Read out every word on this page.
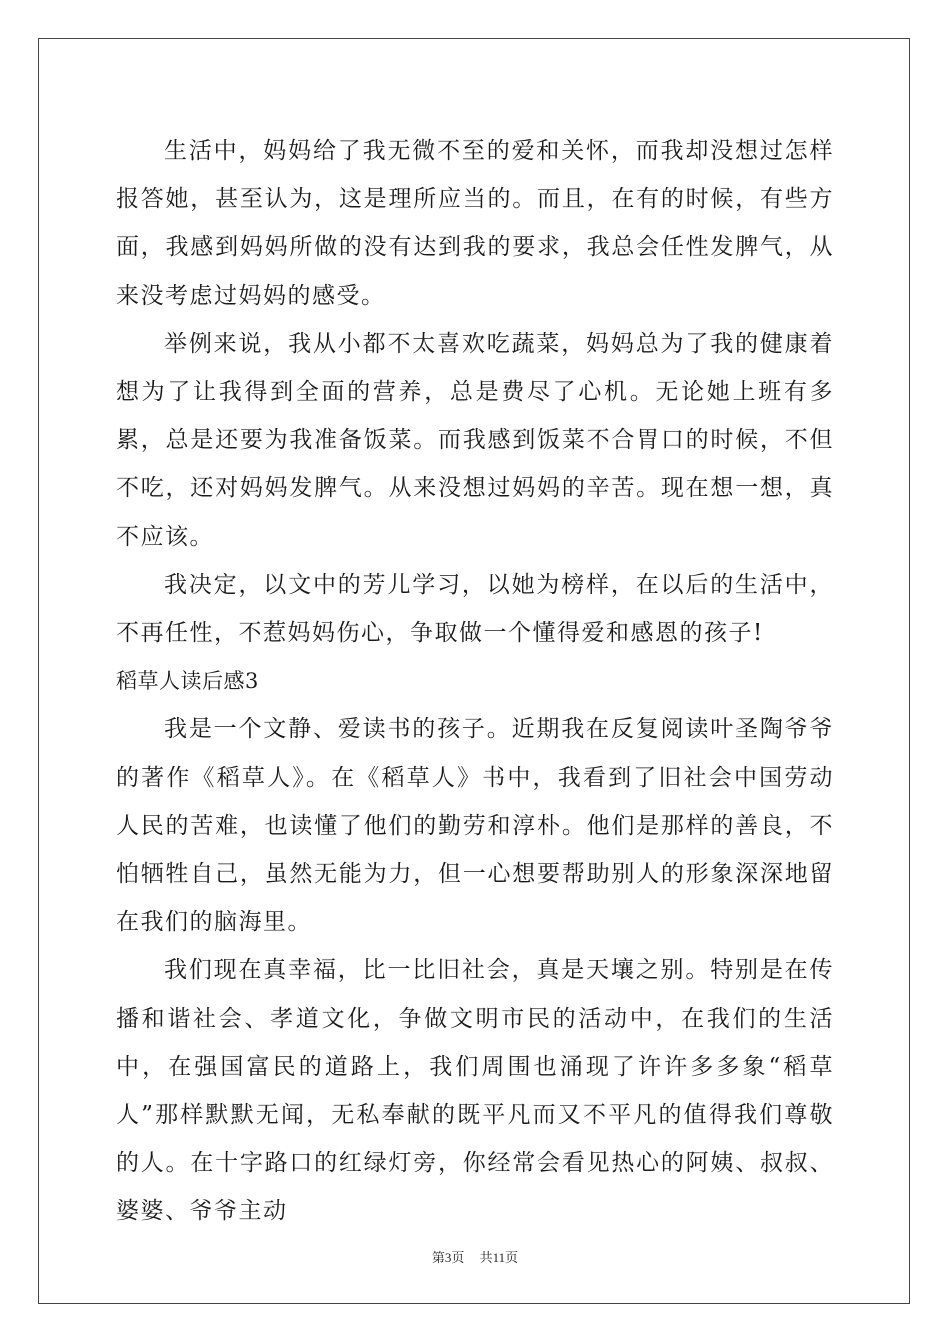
生活中，妈妈给了我无微不至的爱和关怀，而我却没想过怎样报答她，甚至认为，这是理所应当的。而且，在有的时候，有些方面，我感到妈妈所做的没有达到我的要求，我总会任性发脾气，从来没考虑过妈妈的感受。

举例来说，我从小都不太喜欢吃蔬菜，妈妈总为了我的健康着想为了让我得到全面的营养，总是费尽了心机。无论她上班有多累，总是还要为我准备饭菜。而我感到饭菜不合胃口的时候，不但不吃，还对妈妈发脾气。从来没想过妈妈的辛苦。现在想一想，真不应该。

我决定，以文中的芳儿学习，以她为榜样，在以后的生活中，不再任性，不惹妈妈伤心，争取做一个懂得爱和感恩的孩子!

稻草人读后感3

我是一个文静、爱读书的孩子。近期我在反复阅读叶圣陶爷爷的著作《稻草人》。在《稻草人》书中，我看到了旧社会中国劳动人民的苦难，也读懂了他们的勤劳和淳朴。他们是那样的善良，不怕牺牲自己，虽然无能为力，但一心想要帮助别人的形象深深地留在我们的脑海里。

我们现在真幸福，比一比旧社会，真是天壤之别。特别是在传播和谐社会、孝道文化，争做文明市民的活动中，在我们的生活中，在强国富民的道路上，我们周围也涌现了许许多多象“稻草人”那样默默无闻，无私奉献的既平凡而又不平凡的值得我们尊敬的人。在十字路口的红绿灯旁，你经常会看见热心的阿姨、叔叔、婆婆、爷爷主动

第3页 共11页
